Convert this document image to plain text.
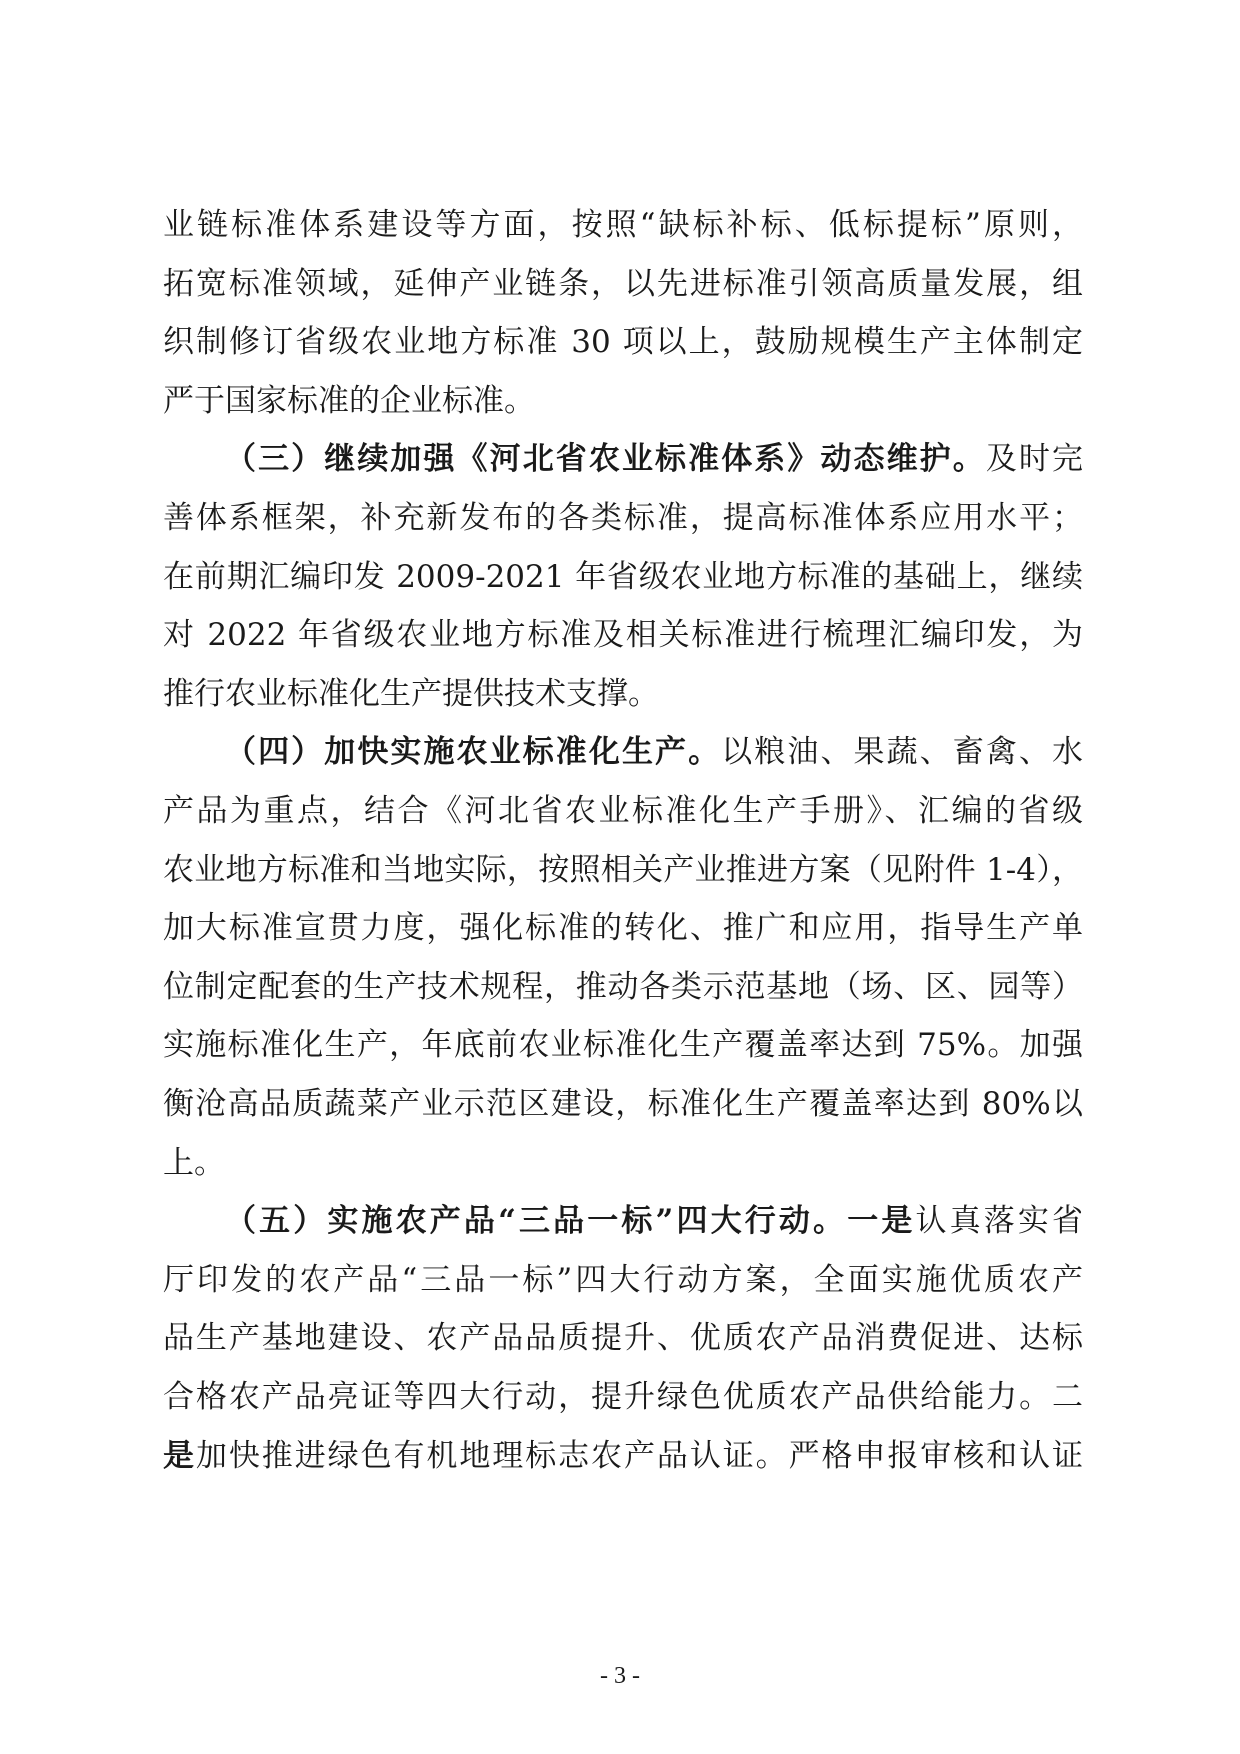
业链标准体系建设等方面，按照“缺标补标、低标提标”原则，
拓宽标准领域，延伸产业链条，以先进标准引领高质量发展，组
织制修订省级农业地方标准 30 项以上，鼓励规模生产主体制定
严于国家标准的企业标准。
（三）继续加强《河北省农业标准体系》动态维护。及时完
善体系框架，补充新发布的各类标准，提高标准体系应用水平；
在前期汇编印发 2009-2021 年省级农业地方标准的基础上，继续
对 2022 年省级农业地方标准及相关标准进行梳理汇编印发，为
推行农业标准化生产提供技术支撑。
（四）加快实施农业标准化生产。以粮油、果蔬、畜禽、水
产品为重点，结合《河北省农业标准化生产手册》、汇编的省级
农业地方标准和当地实际，按照相关产业推进方案（见附件 1-4），
加大标准宣贯力度，强化标准的转化、推广和应用，指导生产单
位制定配套的生产技术规程，推动各类示范基地（场、区、园等）
实施标准化生产，年底前农业标准化生产覆盖率达到 75%。加强
衡沧高品质蔬菜产业示范区建设，标准化生产覆盖率达到 80%以
上。
（五）实施农产品“三品一标”四大行动。一是认真落实省
厅印发的农产品“三品一标”四大行动方案，全面实施优质农产
品生产基地建设、农产品品质提升、优质农产品消费促进、达标
合格农产品亮证等四大行动，提升绿色优质农产品供给能力。二
是加快推进绿色有机地理标志农产品认证。严格申报审核和认证
- 3 -
